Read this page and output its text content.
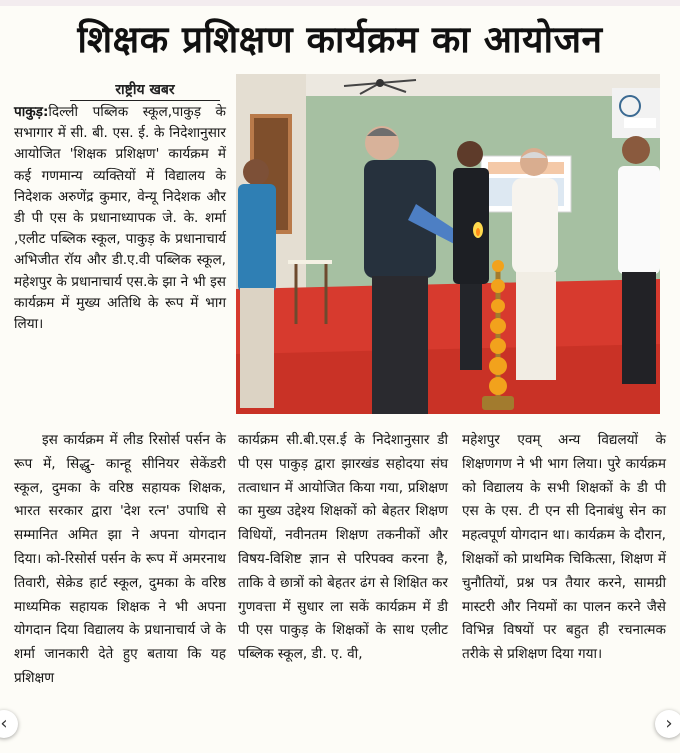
शिक्षक प्रशिक्षण कार्यक्रम का आयोजन
राष्ट्रीय खबर

पाकुड़:दिल्ली पब्लिक स्कूल,पाकुड़ के सभागार में सी. बी. एस. ई. के निदेशानुसार आयोजित 'शिक्षक प्रशिक्षण' कार्यक्रम में कई गणमान्य व्यक्तियों में विद्यालय के निदेशक अरुणेंद्र कुमार, वेन्यू निदेशक और डी पी एस के प्रधानाध्यापक जे. के. शर्मा ,एलीट पब्लिक स्कूल, पाकुड़ के प्रधानाचार्य अभिजीत रॉय और डी.ए.वी पब्लिक स्कूल, महेशपुर के प्रधानाचार्य एस.के झा ने भी इस कार्यक्रम में मुख्य अतिथि के रूप में भाग लिया।

इस कार्यक्रम में लीड रिसोर्स पर्सन के रूप में, सिद्धु- कान्हू सीनियर सेकेंडरी स्कूल, दुमका के वरिष्ठ सहायक शिक्षक, भारत सरकार द्वारा 'देश रत्न' उपाधि से सम्मानित अमित झा ने अपना योगदान दिया। को-रिसोर्स पर्सन के रूप में अमरनाथ तिवारी, सेक्रेड हार्ट स्कूल, दुमका के वरिष्ठ माध्यमिक सहायक शिक्षक ने भी अपना योगदान दिया विद्यालय के प्रधानाचार्य जे के शर्मा जानकारी देते हुए बताया कि यह प्रशिक्षण

कार्यक्रम सी.बी.एस.ई के निदेशानुसार डी पी एस पाकुड़ द्वारा झारखंड सहोदया संघ तत्वाधान में आयोजित किया गया, प्रशिक्षण का मुख्य उद्देश्य शिक्षकों को बेहतर शिक्षण विधियों, नवीनतम शिक्षण तकनीकों और विषय-विशिष्ट ज्ञान से परिपक्व करना है, ताकि वे छात्रों को बेहतर ढंग से शिक्षित कर गुणवत्ता में सुधार ला सकें कार्यक्रम में डी पी एस पाकुड़ के शिक्षकों के साथ एलीट पब्लिक स्कूल, डी. ए. वी,

महेशपुर एवम् अन्य विद्यलयों के शिक्षणगण ने भी भाग लिया। पुरे कार्यक्रम को विद्यालय के सभी शिक्षकों के डी पी एस के एस. टी एन सी दिनाबंधु सेन का महत्वपूर्ण योगदान था। कार्यक्रम के दौरान, शिक्षकों को प्राथमिक चिकित्सा, शिक्षण में चुनौतियों, प्रश्न पत्र तैयार करने, सामग्री मास्टरी और नियमों का पालन करने जैसे विभिन्न विषयों पर बहुत ही रचनात्मक तरीके से प्रशिक्षण दिया गया।

‹	›
